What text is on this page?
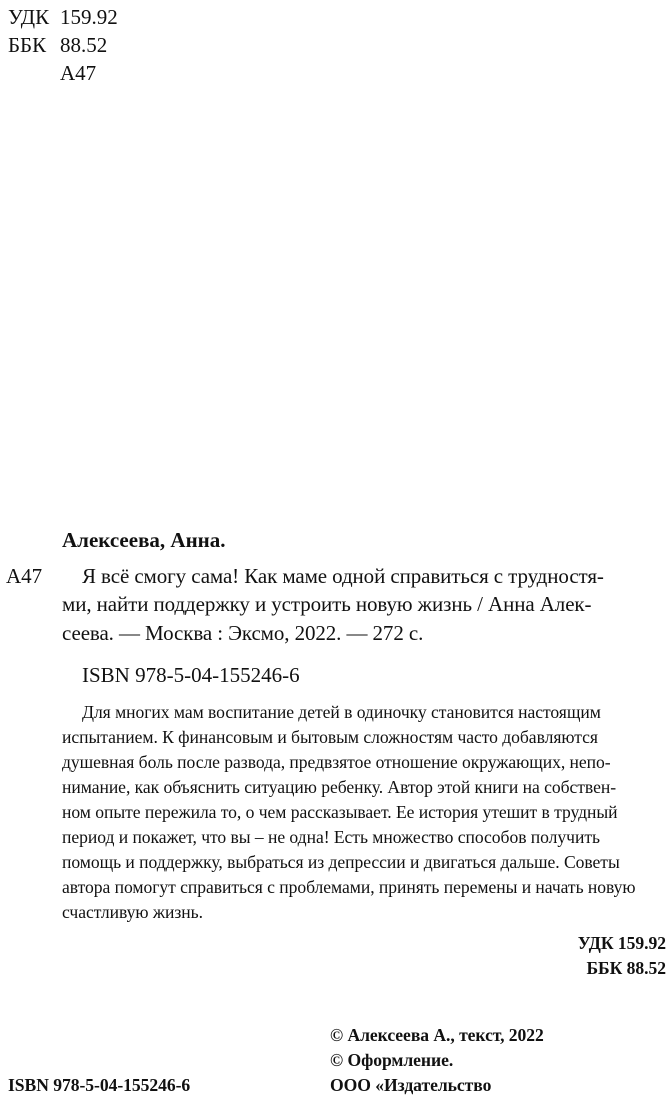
УДК 159.92
ББК 88.52
А47
Алексеева, Анна.
А47 Я всё смогу сама! Как маме одной справиться с трудностя-
ми, найти поддержку и устроить новую жизнь / Анна Алек-
сеева. — Москва : Эксмо, 2022. — 272 с.
ISBN 978-5-04-155246-6
Для многих мам воспитание детей в одиночку становится настоящим
испытанием. К финансовым и бытовым сложностям часто добавляются
душевная боль после развода, предвзятое отношение окружающих, непо-
нимание, как объяснить ситуацию ребенку. Автор этой книги на собствен-
ном опыте пережила то, о чем рассказывает. Ее история утешит в трудный
период и покажет, что вы – не одна! Есть множество способов получить
помощь и поддержку, выбраться из депрессии и двигаться дальше. Советы
автора помогут справиться с проблемами, принять перемены и начать новую
счастливую жизнь.
УДК 159.92
ББК 88.52
© Алексеева А., текст, 2022
© Оформление.
ООО «Издательство
ISBN 978-5-04-155246-6
